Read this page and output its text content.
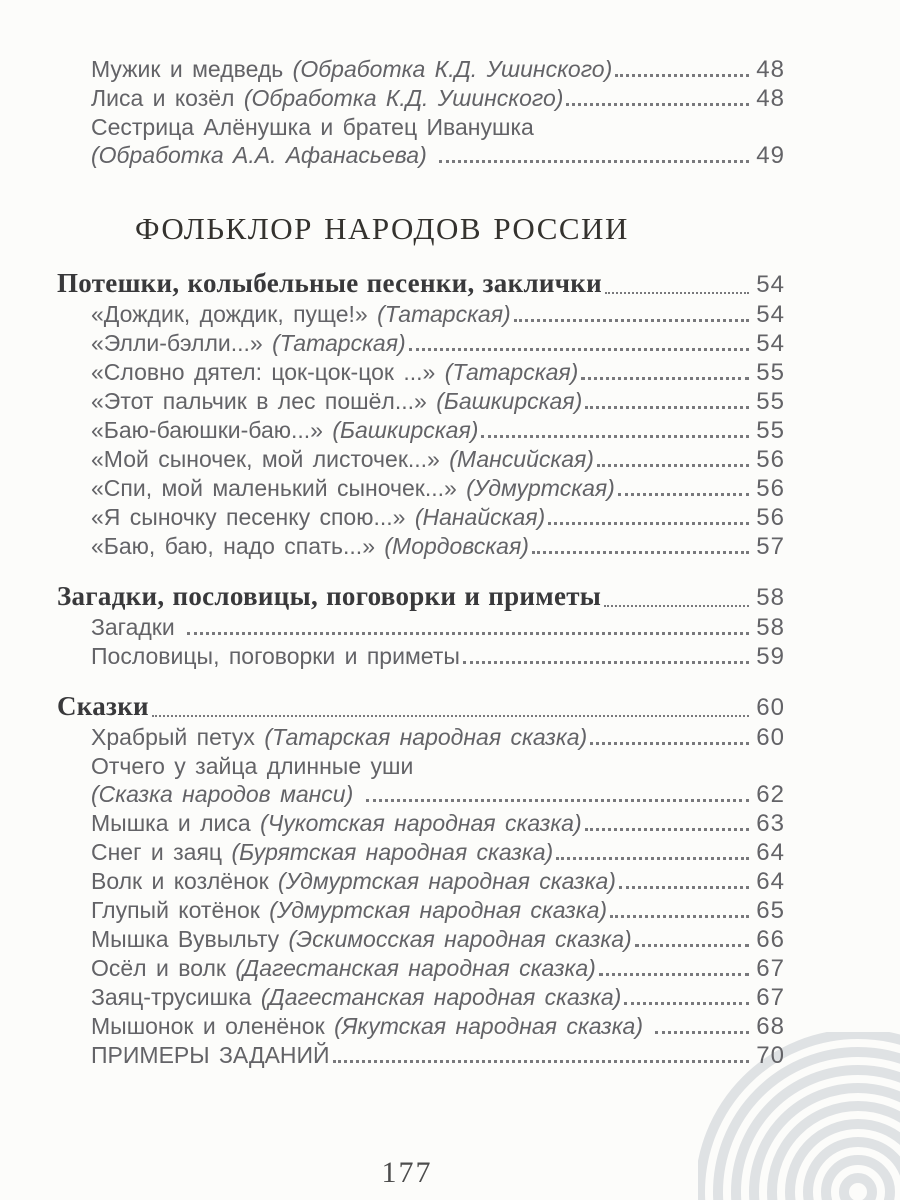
Мужик и медведь (Обработка К.Д. Ушинского)	48
Лиса и козёл (Обработка К.Д. Ушинского)	48
Сестрица Алёнушка и братец Иванушка
(Обработка А.А. Афанасьева)	49
ФОЛЬКЛОР НАРОДОВ РОССИИ
Потешки, колыбельные песенки, заклички	54
«Дождик, дождик, пуще!» (Татарская)	54
«Элли-бэлли...» (Татарская)	54
«Словно дятел: цок-цок-цок ...» (Татарская)	55
«Этот пальчик в лес пошёл...» (Башкирская)	55
«Баю-баюшки-баю...» (Башкирская)	55
«Мой сыночек, мой листочек...» (Мансийская)	56
«Спи, мой маленький сыночек...» (Удмуртская)	56
«Я сыночку песенку спою...» (Нанайская)	56
«Баю, баю, надо спать...» (Мордовская)	57
Загадки, пословицы, поговорки и приметы	58
Загадки	58
Пословицы, поговорки и приметы	59
Сказки	60
Храбрый петух (Татарская народная сказка)	60
Отчего у зайца длинные уши
(Сказка народов манси)	62
Мышка и лиса (Чукотская народная сказка)	63
Снег и заяц (Бурятская народная сказка)	64
Волк и козлёнок (Удмуртская народная сказка)	64
Глупый котёнок (Удмуртская народная сказка)	65
Мышка Вувыльту (Эскимосская народная сказка)	66
Осёл и волк (Дагестанская народная сказка)	67
Заяц-трусишка (Дагестанская народная сказка)	67
Мышонок и оленёнок (Якутская народная сказка)	68
ПРИМЕРЫ ЗАДАНИЙ	70
177
